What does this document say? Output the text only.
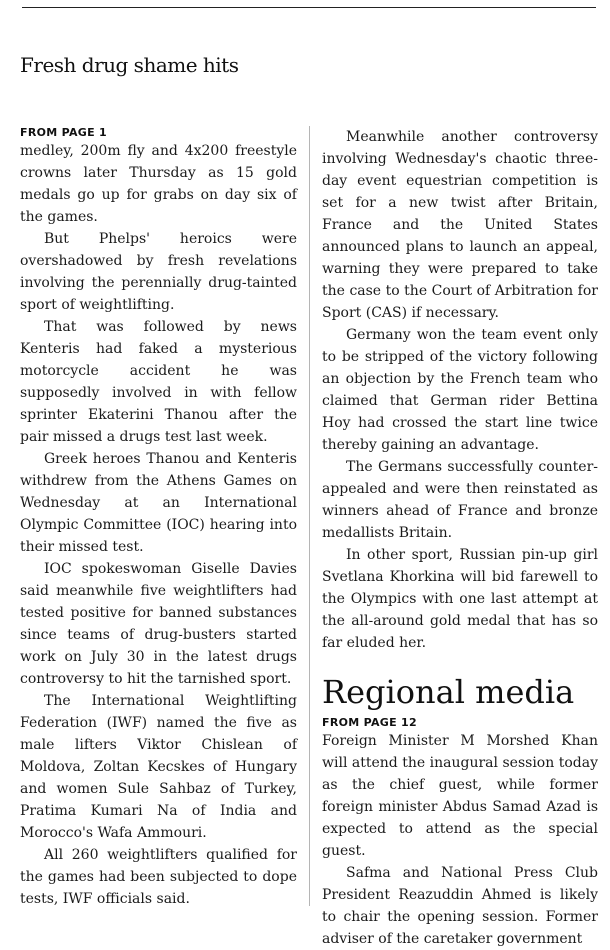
Fresh drug shame hits
FROM PAGE 1

medley, 200m fly and 4x200 freestyle crowns later Thursday as 15 gold medals go up for grabs on day six of the games.

But Phelps' heroics were overshadowed by fresh revelations involving the perennially drug-tainted sport of weightlifting.

That was followed by news Kenteris had faked a mysterious motorcycle accident he was supposedly involved in with fellow sprinter Ekaterini Thanou after the pair missed a drugs test last week.

Greek heroes Thanou and Kenteris withdrew from the Athens Games on Wednesday at an International Olympic Committee (IOC) hearing into their missed test.

IOC spokeswoman Giselle Davies said meanwhile five weightlifters had tested positive for banned substances since teams of drug-busters started work on July 30 in the latest drugs controversy to hit the tarnished sport.

The International Weightlifting Federation (IWF) named the five as male lifters Viktor Chislean of Moldova, Zoltan Kecskes of Hungary and women Sule Sahbaz of Turkey, Pratima Kumari Na of India and Morocco's Wafa Ammouri.

All 260 weightlifters qualified for the games had been subjected to dope tests, IWF officials said.

Meanwhile another controversy involving Wednesday's chaotic three-day event equestrian competition is set for a new twist after Britain, France and the United States announced plans to launch an appeal, warning they were prepared to take the case to the Court of Arbitration for Sport (CAS) if necessary.

Germany won the team event only to be stripped of the victory following an objection by the French team who claimed that German rider Bettina Hoy had crossed the start line twice thereby gaining an advantage.

The Germans successfully counter-appealed and were then reinstated as winners ahead of France and bronze medallists Britain.

In other sport, Russian pin-up girl Svetlana Khorkina will bid farewell to the Olympics with one last attempt at the all-around gold medal that has so far eluded her.

Regional media
FROM PAGE 12

Foreign Minister M Morshed Khan will attend the inaugural session today as the chief guest, while former foreign minister Abdus Samad Azad is expected to attend as the special guest.

Safma and National Press Club President Reazuddin Ahmed is likely to chair the opening session. Former adviser of the caretaker government
